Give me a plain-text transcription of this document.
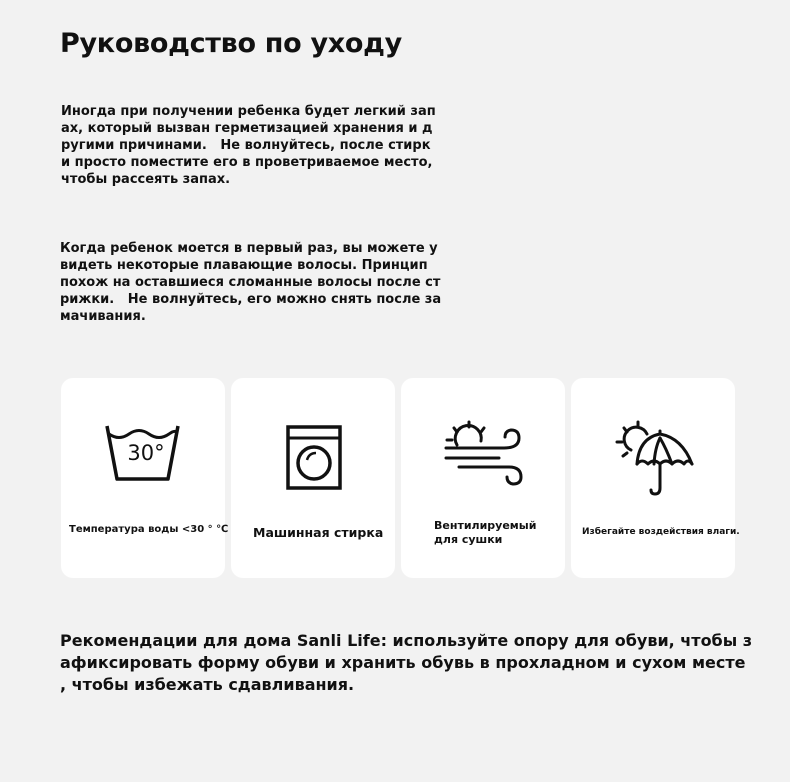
Руководство по уходу
Иногда при получении ребенка будет легкий зап
ах, который вызван герметизацией хранения и д
ругими причинами.   Не волнуйтесь, после стирк
и просто поместите его в проветриваемое место,
чтобы рассеять запах.
Когда ребенок моется в первый раз, вы можете у
видеть некоторые плавающие волосы. Принцип
похож на оставшиеся сломанные волосы после ст
рижки.   Не волнуйтесь, его можно снять после за
мачивания.
30°
Температура воды <30 ° ℃ Машинная стирка	Вентилируемый
для сушки
Избегайте воздействия влаги.
Рекомендации для дома Sanli Life: используйте опору для обуви, чтобы з
афиксировать форму обуви и хранить обувь в прохладном и сухом месте
, чтобы избежать сдавливания.
